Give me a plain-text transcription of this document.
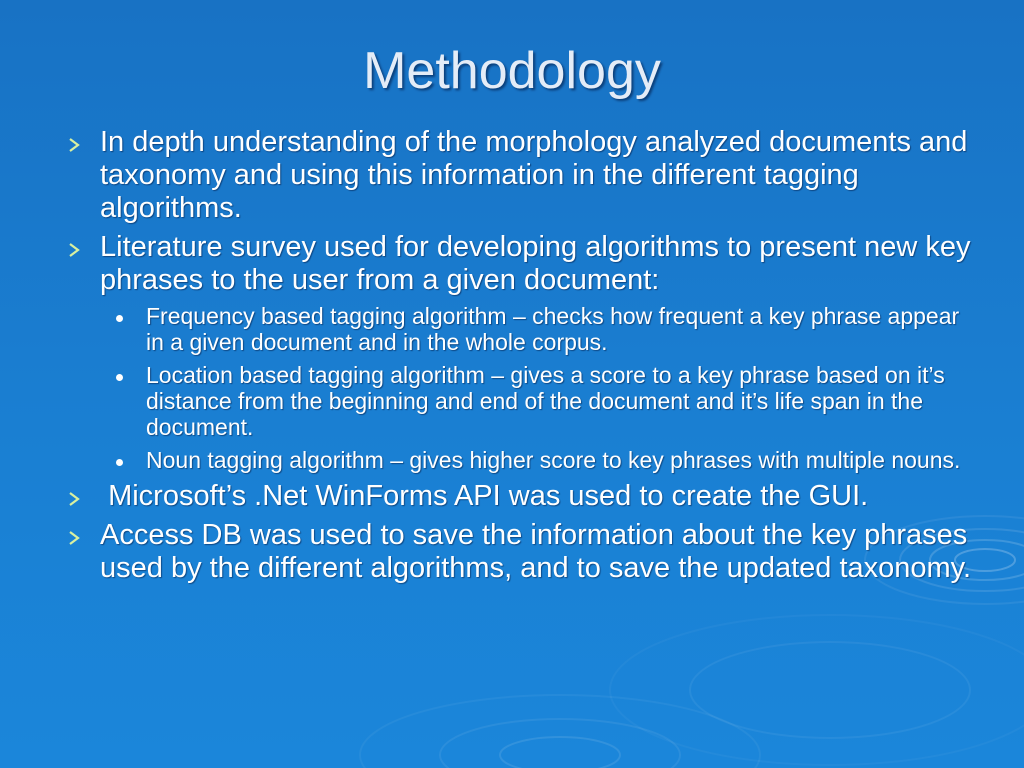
Methodology
In depth understanding of the morphology analyzed documents and taxonomy and using this information in the different tagging algorithms.
Literature survey used for developing algorithms to present new key phrases to the user from a given document:
Frequency based tagging algorithm – checks how frequent a key phrase appear in a given document and in the whole corpus.
Location based tagging algorithm – gives a score to a key phrase based on it’s distance from the beginning and end of the document and it’s life span in the document.
Noun tagging algorithm – gives higher score to key phrases with multiple nouns.
Microsoft’s .Net WinForms API was used to create the GUI.
Access DB was used to save the information about the key phrases used by the different algorithms, and to save the updated taxonomy.
